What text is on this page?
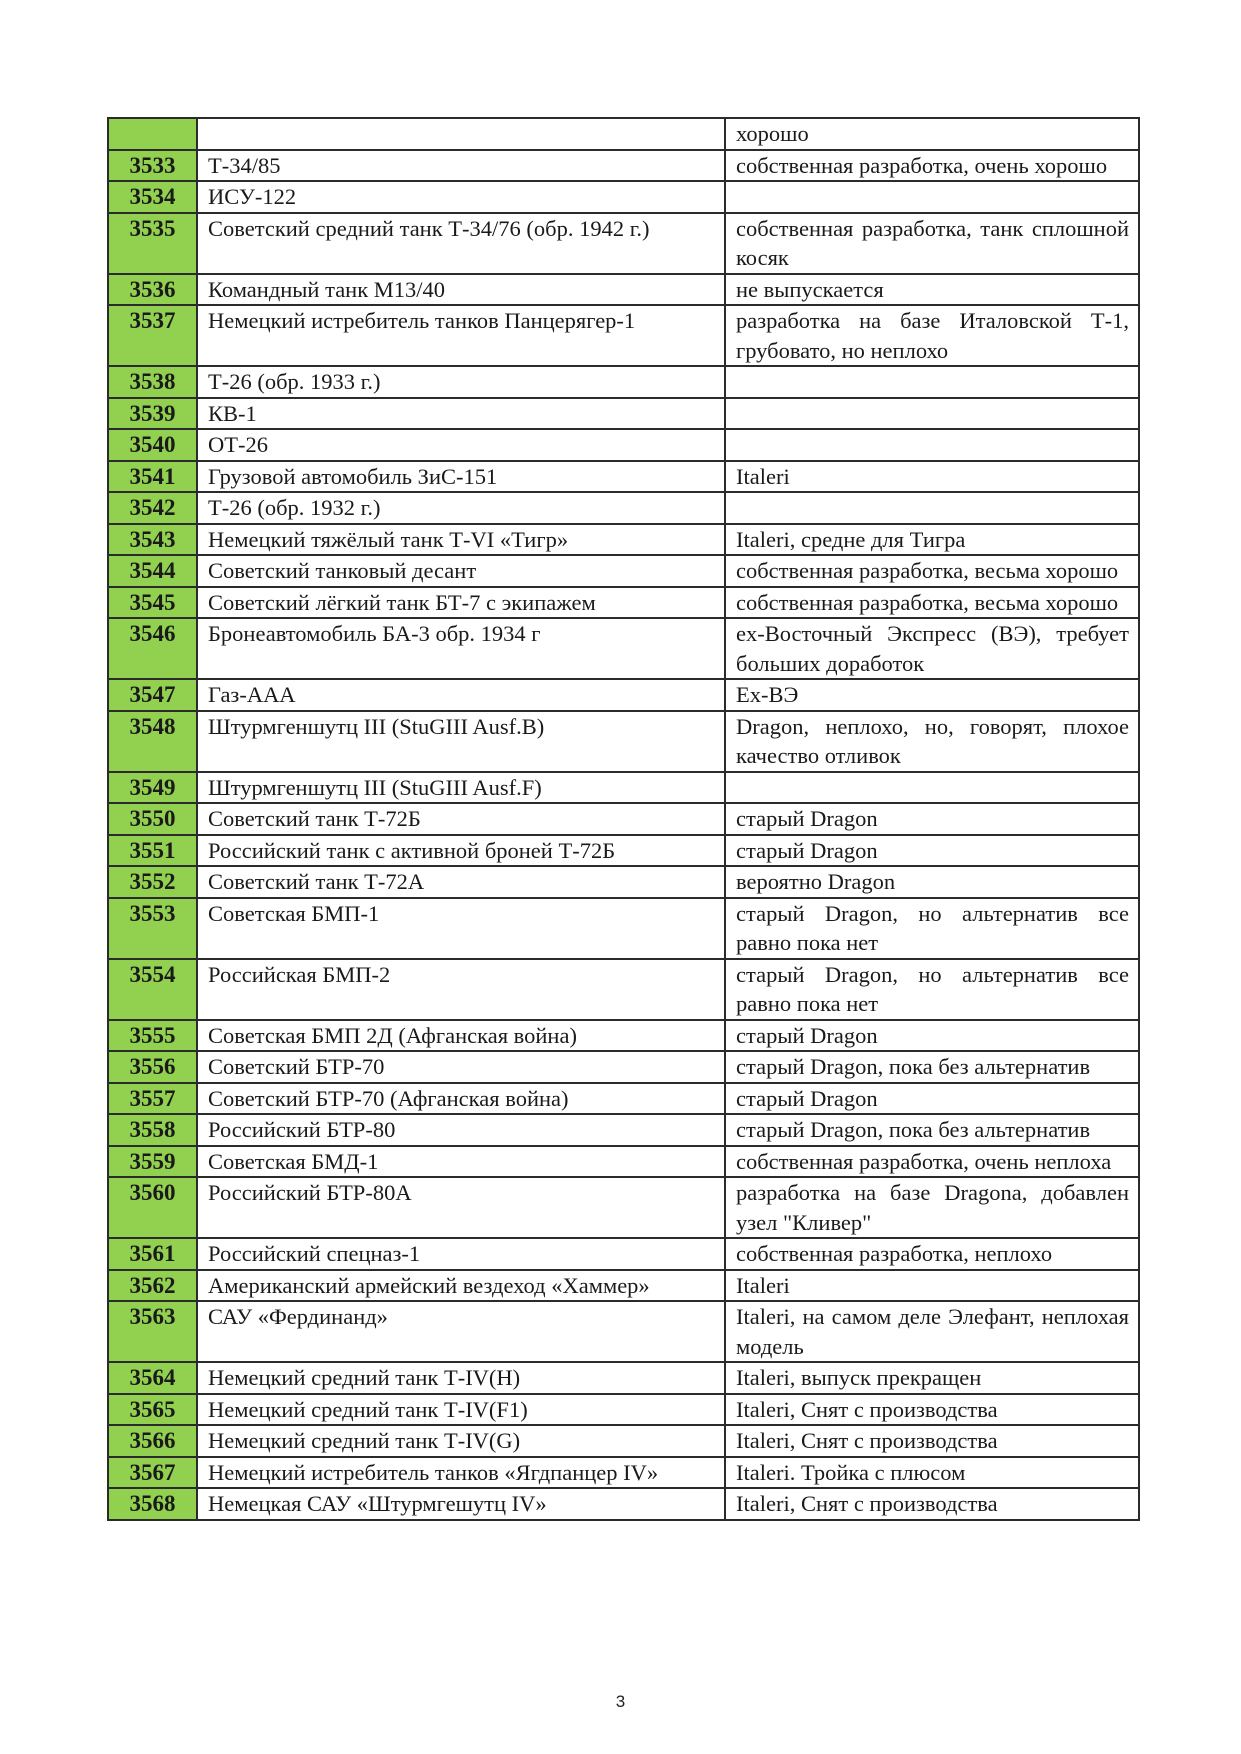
		хорошо
3533	Т-34/85	собственная разработка, очень хорошо
3534	ИСУ-122	
3535	Советский средний танк Т-34/76 (обр. 1942 г.)	собственная разработка, танк сплошной косяк
3536	Командный танк М13/40	не выпускается
3537	Немецкий истребитель танков Панцерягер-1	разработка на базе Италовской Т-1, грубовато, но неплохо
3538	Т-26 (обр. 1933 г.)	
3539	КВ-1	
3540	ОТ-26	
3541	Грузовой автомобиль ЗиС-151	Italeri
3542	Т-26 (обр. 1932 г.)	
3543	Немецкий тяжёлый танк Т-VI «Тигр»	Italeri, средне для Тигра
3544	Советский танковый десант	собственная разработка, весьма хорошо
3545	Советский лёгкий танк БТ-7 с экипажем	собственная разработка, весьма хорошо
3546	Бронеавтомобиль БА-3 обр. 1934 г	ex-Восточный Экспресс (ВЭ), требует больших доработок
3547	Газ-ААА	Ex-ВЭ
3548	Штурмгеншутц III (StuGIII Ausf.B)	Dragon, неплохо, но, говорят, плохое качество отливок
3549	Штурмгеншутц III (StuGIII Ausf.F)	
3550	Советский танк Т-72Б	старый Dragon
3551	Российский танк с активной броней Т-72Б	старый Dragon
3552	Советский танк Т-72А	вероятно Dragon
3553	Советская БМП-1	старый Dragon, но альтернатив все равно пока нет
3554	Российская БМП-2	старый Dragon, но альтернатив все равно пока нет
3555	Советская БМП 2Д (Афганская война)	старый Dragon
3556	Советский БТР-70	старый Dragon, пока без альтернатив
3557	Советский БТР-70 (Афганская война)	старый Dragon
3558	Российский БТР-80	старый Dragon, пока без альтернатив
3559	Советская БМД-1	собственная разработка, очень неплоха
3560	Российский БТР-80А	разработка на базе Dragona, добавлен узел "Кливер"
3561	Российский спецназ-1	собственная разработка, неплохо
3562	Американский армейский вездеход «Хаммер»	Italeri
3563	САУ «Фердинанд»	Italeri, на самом деле Элефант, неплохая модель
3564	Немецкий средний танк Т-IV(H)	Italeri, выпуск прекращен
3565	Немецкий средний танк Т-IV(F1)	Italeri, Снят с производства
3566	Немецкий средний танк Т-IV(G)	Italeri, Снят с производства
3567	Немецкий истребитель танков «Ягдпанцер IV»	Italeri. Тройка с плюсом
3568	Немецкая САУ «Штурмгешутц IV»	Italeri, Снят с производства
3
